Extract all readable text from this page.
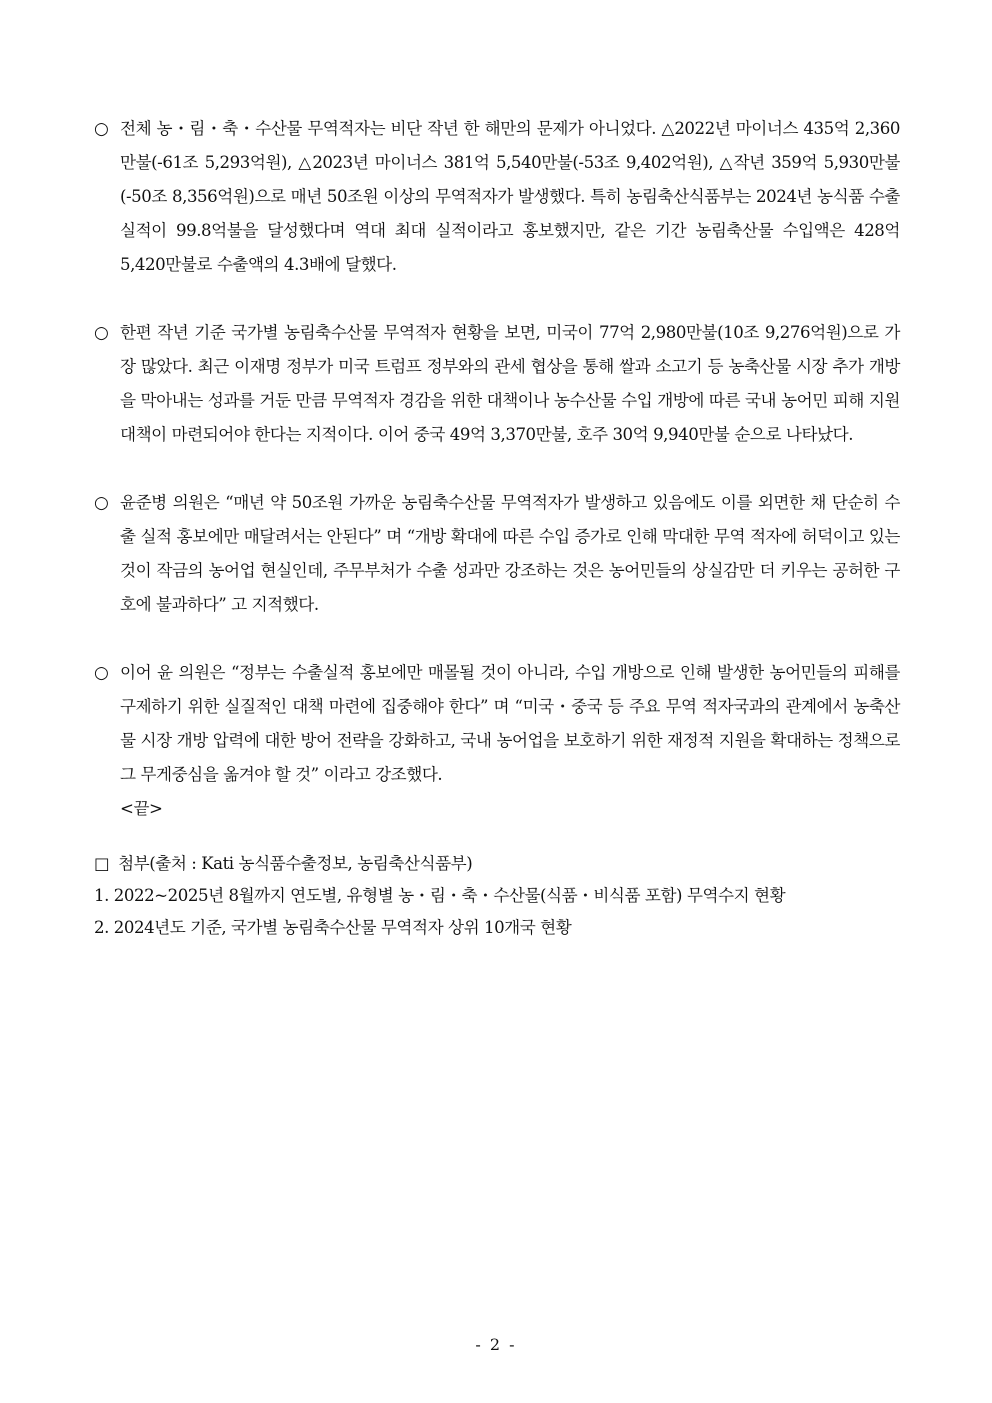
○ 전체 농・림・축・수산물 무역적자는 비단 작년 한 해만의 문제가 아니었다. △2022년 마이너스 435억 2,360만불(-61조 5,293억원), △2023년 마이너스 381억 5,540만불(-53조 9,402억원), △작년 359억 5,930만불(-50조 8,356억원)으로 매년 50조원 이상의 무역적자가 발생했다. 특히 농림축산식품부는 2024년 농식품 수출실적이 99.8억불을 달성했다며 역대 최대 실적이라고 홍보했지만, 같은 기간 농림축산물 수입액은 428억 5,420만불로 수출액의 4.3배에 달했다.
○ 한편 작년 기준 국가별 농림축수산물 무역적자 현황을 보면, 미국이 77억 2,980만불(10조 9,276억원)으로 가장 많았다. 최근 이재명 정부가 미국 트럼프 정부와의 관세 협상을 통해 쌀과 소고기 등 농축산물 시장 추가 개방을 막아내는 성과를 거둔 만큼 무역적자 경감을 위한 대책이나 농수산물 수입 개방에 따른 국내 농어민 피해 지원대책이 마련되어야 한다는 지적이다. 이어 중국 49억 3,370만불, 호주 30억 9,940만불 순으로 나타났다.
○ 윤준병 의원은 “매년 약 50조원 가까운 농림축수산물 무역적자가 발생하고 있음에도 이를 외면한 채 단순히 수출 실적 홍보에만 매달려서는 안된다” 며 “개방 확대에 따른 수입 증가로 인해 막대한 무역 적자에 허덕이고 있는 것이 작금의 농어업 현실인데, 주무부처가 수출 성과만 강조하는 것은 농어민들의 상실감만 더 키우는 공허한 구호에 불과하다” 고 지적했다.
○ 이어 윤 의원은 “정부는 수출실적 홍보에만 매몰될 것이 아니라, 수입 개방으로 인해 발생한 농어민들의 피해를 구제하기 위한 실질적인 대책 마련에 집중해야 한다” 며 “미국・중국 등 주요 무역 적자국과의 관계에서 농축산물 시장 개방 압력에 대한 방어 전략을 강화하고, 국내 농어업을 보호하기 위한 재정적 지원을 확대하는 정책으로 그 무게중심을 옮겨야 할 것” 이라고 강조했다.
<끝>
□ 첨부(출처 : Kati 농식품수출정보, 농림축산식품부)
1. 2022~2025년 8월까지 연도별, 유형별 농・림・축・수산물(식품・비식품 포함) 무역수지 현황
2. 2024년도 기준, 국가별 농림축수산물 무역적자 상위 10개국 현황
- 2 -
